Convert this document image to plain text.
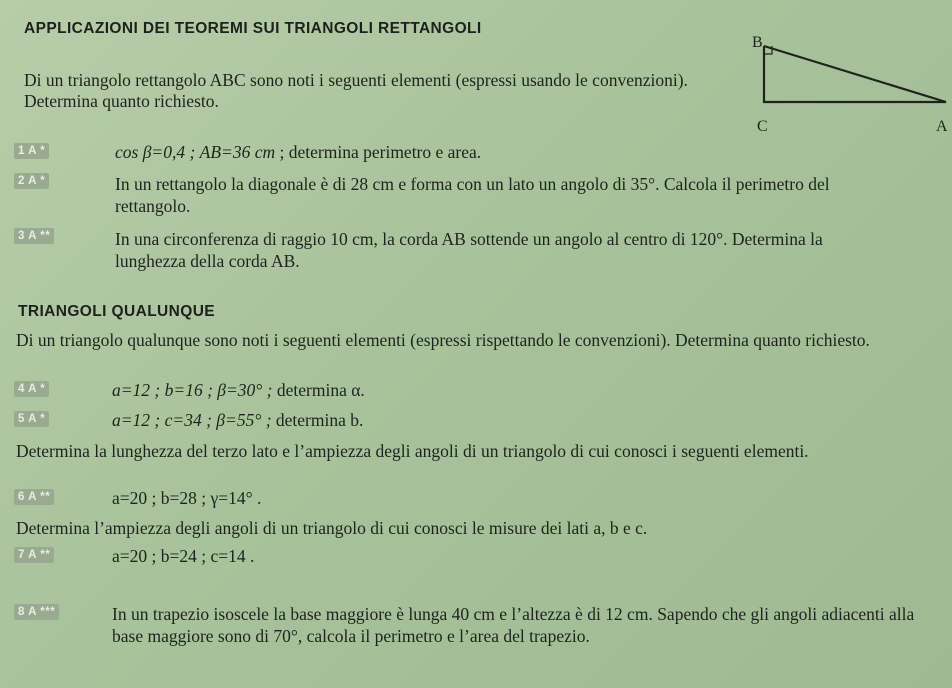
APPLICAZIONI DEI TEOREMI SUI TRIANGOLI RETTANGOLI
Di un triangolo rettangolo ABC sono noti i seguenti elementi (espressi usando le convenzioni). Determina quanto richiesto.
B
C	A
1 A *	cos β=0,4 ; AB=36 cm ; determina perimetro e area.
2 A *	In un rettangolo la diagonale è di 28 cm e forma con un lato un angolo di 35°. Calcola il perimetro del rettangolo.
3 A **	In una circonferenza di raggio 10 cm, la corda AB sottende un angolo al centro di 120°. Determina la lunghezza della corda AB.
TRIANGOLI QUALUNQUE
Di un triangolo qualunque sono noti i seguenti elementi (espressi rispettando le convenzioni). Determina quanto richiesto.
4 A *	a=12 ; b=16 ; β=30° ; determina α.
5 A *	a=12 ; c=34 ; β=55° ; determina b.
Determina la lunghezza del terzo lato e l’ampiezza degli angoli di un triangolo di cui conosci i seguenti elementi.
6 A **	a=20 ; b=28 ; γ=14° .
Determina l’ampiezza degli angoli di un triangolo di cui conosci le misure dei lati a, b e c.
7 A **	a=20 ; b=24 ; c=14 .
8 A ***	In un trapezio isoscele la base maggiore è lunga 40 cm e l’altezza è di 12 cm. Sapendo che gli angoli adiacenti alla base maggiore sono di 70°, calcola il perimetro e l’area del trapezio.
